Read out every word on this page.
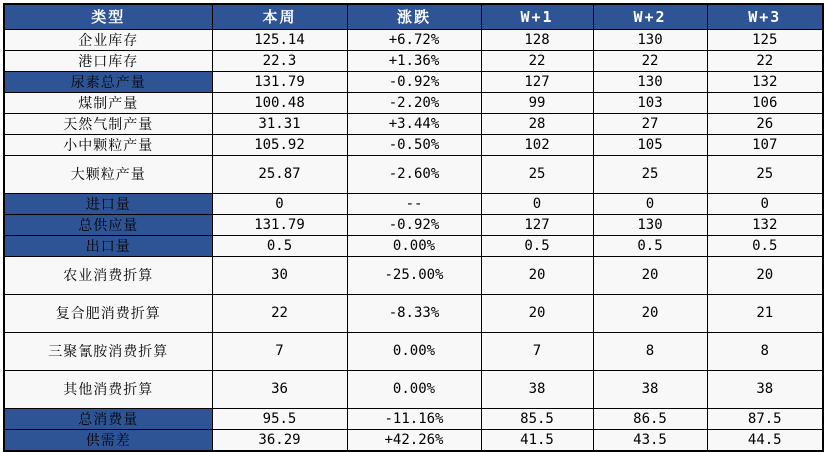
类型	本周	涨跌	W+1	W+2	W+3
企业库存	125.14	+6.72%	128	130	125
港口库存	22.3	+1.36%	22	22	22
尿素总产量	131.79	-0.92%	127	130	132
煤制产量	100.48	-2.20%	99	103	106
天然气制产量	31.31	+3.44%	28	27	26
小中颗粒产量	105.92	-0.50%	102	105	107
大颗粒产量	25.87	-2.60%	25	25	25
进口量	0	--	0	0	0
总供应量	131.79	-0.92%	127	130	132
出口量	0.5	0.00%	0.5	0.5	0.5
农业消费折算	30	-25.00%	20	20	20
复合肥消费折算	22	-8.33%	20	20	21
三聚氰胺消费折算	7	0.00%	7	8	8
其他消费折算	36	0.00%	38	38	38
总消费量	95.5	-11.16%	85.5	86.5	87.5
供需差	36.29	+42.26%	41.5	43.5	44.5
